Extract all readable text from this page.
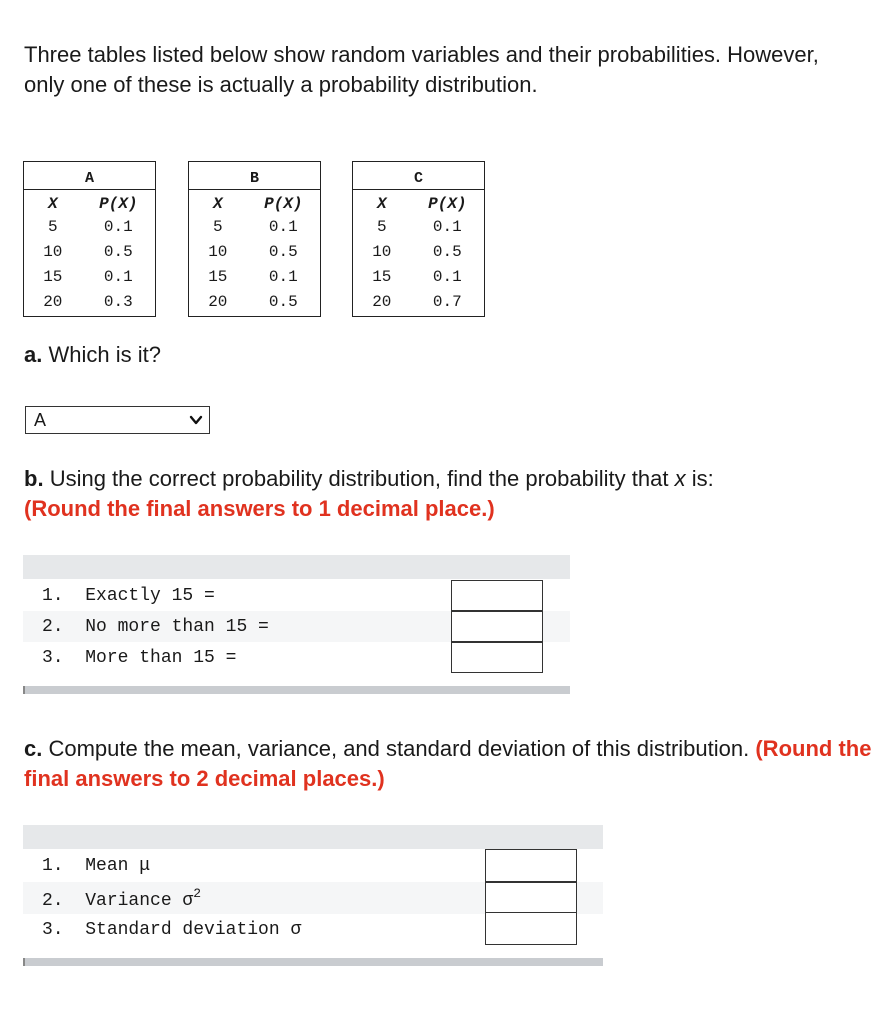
Three tables listed below show random variables and their probabilities. However, only one of these is actually a probability distribution.
A
X	P(X)
5	0.1
10	0.5
15	0.1
20	0.3
B
X	P(X)
5	0.1
10	0.5
15	0.1
20	0.5
C
X	P(X)
5	0.1
10	0.5
15	0.1
20	0.7
a. Which is it?
A
b. Using the correct probability distribution, find the probability that x is:
(Round the final answers to 1 decimal place.)
1. Exactly 15 =
2. No more than 15 =
3. More than 15 =
c. Compute the mean, variance, and standard deviation of this distribution. (Round the final answers to 2 decimal places.)
1. Mean μ
2. Variance $\sigma^2$
3. Standard deviation σ
